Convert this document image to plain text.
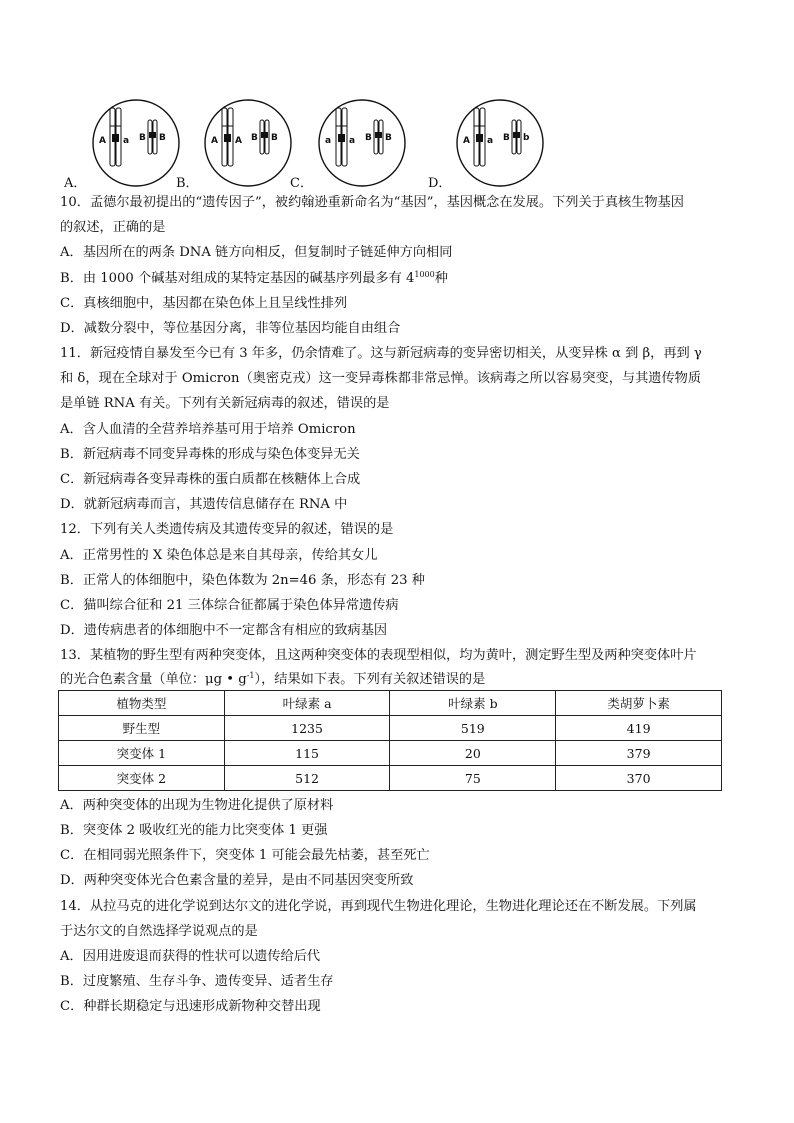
A a B B	A A B B	a a B B	A a B b
A．	B．	C．	D．
10．孟德尔最初提出的“遗传因子”，被约翰逊重新命名为“基因”，基因概念在发展。下列关于真核生物基因
的叙述，正确的是
A．基因所在的两条 DNA 链方向相反，但复制时子链延伸方向相同
B．由 1000 个碱基对组成的某特定基因的碱基序列最多有 $4^{1000}$种
C．真核细胞中，基因都在染色体上且呈线性排列
D．减数分裂中，等位基因分离，非等位基因均能自由组合
11．新冠疫情自暴发至今已有 3 年多，仍余情难了。这与新冠病毒的变异密切相关，从变异株 α 到 β，再到 γ
和 δ，现在全球对于 Omicron（奥密克戎）这一变异毒株都非常忌惮。该病毒之所以容易突变，与其遗传物质
是单链 RNA 有关。下列有关新冠病毒的叙述，错误的是
A．含人血清的全营养培养基可用于培养 Omicron
B．新冠病毒不同变异毒株的形成与染色体变异无关
C．新冠病毒各变异毒株的蛋白质都在核糖体上合成
D．就新冠病毒而言，其遗传信息储存在 RNA 中
12．下列有关人类遗传病及其遗传变异的叙述，错误的是
A．正常男性的 X 染色体总是来自其母亲，传给其女儿
B．正常人的体细胞中，染色体数为 2n=46 条，形态有 23 种
C．猫叫综合征和 21 三体综合征都属于染色体异常遗传病
D．遗传病患者的体细胞中不一定都含有相应的致病基因
13．某植物的野生型有两种突变体，且这两种突变体的表现型相似，均为黄叶，测定野生型及两种突变体叶片
的光合色素含量（单位：μg • $g^{-1}$），结果如下表。下列有关叙述错误的是
植物类型	叶绿素 a	叶绿素 b	类胡萝卜素
野生型	1235	519	419
突变体 1	115	20	379
突变体 2	512	75	370
A．两种突变体的出现为生物进化提供了原材料
B．突变体 2 吸收红光的能力比突变体 1 更强
C．在相同弱光照条件下，突变体 1 可能会最先枯萎，甚至死亡
D．两种突变体光合色素含量的差异，是由不同基因突变所致
14．从拉马克的进化学说到达尔文的进化学说，再到现代生物进化理论，生物进化理论还在不断发展。下列属
于达尔文的自然选择学说观点的是
A．因用进废退而获得的性状可以遗传给后代
B．过度繁殖、生存斗争、遗传变异、适者生存
C．种群长期稳定与迅速形成新物种交替出现
